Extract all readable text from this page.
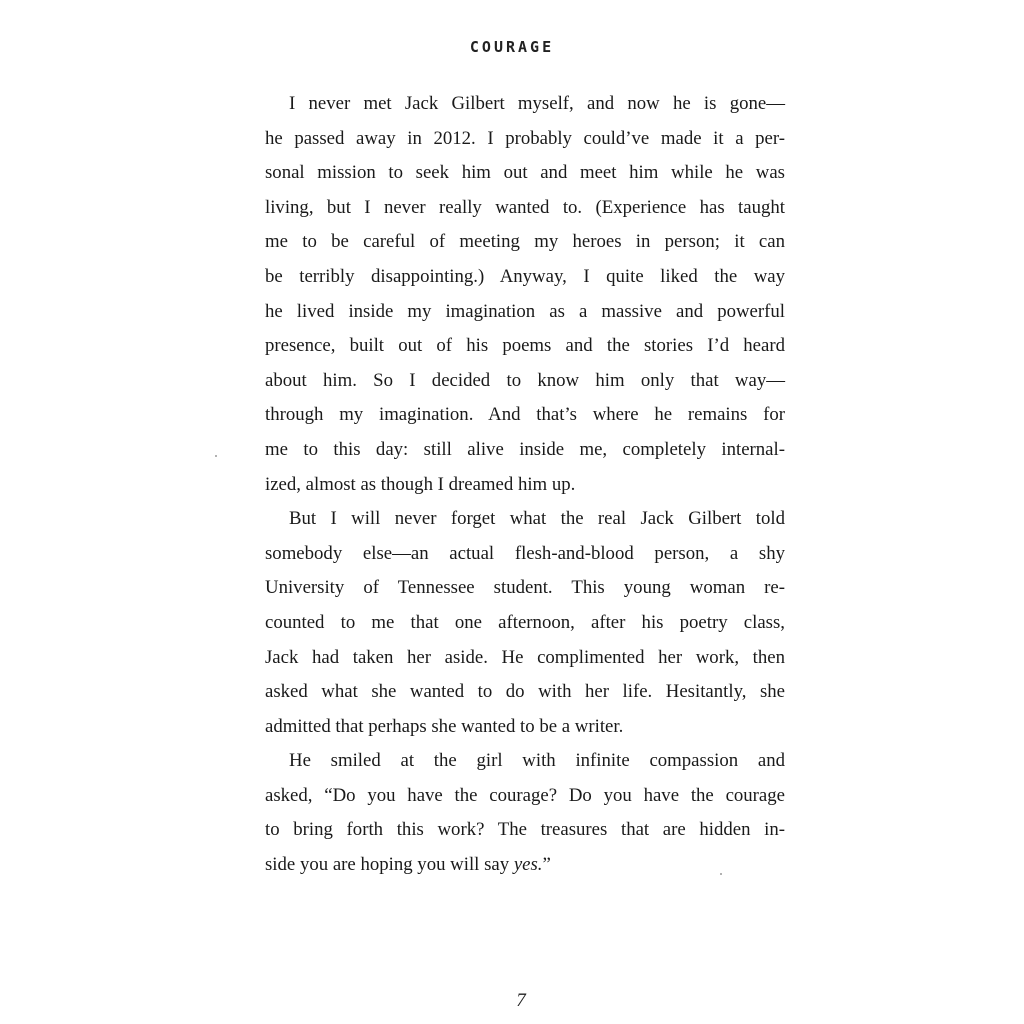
COURAGE
I never met Jack Gilbert myself, and now he is gone—
he passed away in 2012. I probably could’ve made it a per-
sonal mission to seek him out and meet him while he was
living, but I never really wanted to. (Experience has taught
me to be careful of meeting my heroes in person; it can
be terribly disappointing.) Anyway, I quite liked the way
he lived inside my imagination as a massive and powerful
presence, built out of his poems and the stories I’d heard
about him. So I decided to know him only that way—
through my imagination. And that’s where he remains for
me to this day: still alive inside me, completely internal-
ized, almost as though I dreamed him up.
But I will never forget what the real Jack Gilbert told
somebody else—an actual flesh-and-blood person, a shy
University of Tennessee student. This young woman re-
counted to me that one afternoon, after his poetry class,
Jack had taken her aside. He complimented her work, then
asked what she wanted to do with her life. Hesitantly, she
admitted that perhaps she wanted to be a writer.
He smiled at the girl with infinite compassion and
asked, “Do you have the courage? Do you have the courage
to bring forth this work? The treasures that are hidden in-
side you are hoping you will say yes.”
7
